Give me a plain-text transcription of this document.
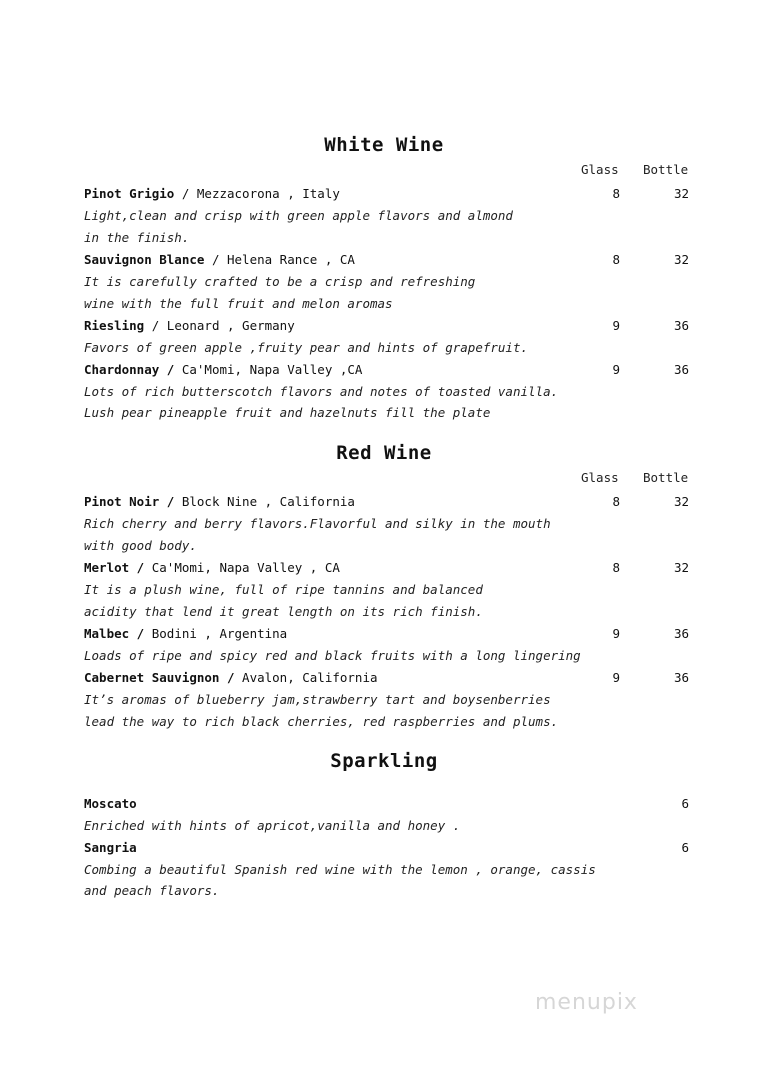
White Wine
Glass Bottle
Pinot Grigio / Mezzacorona , Italy	8	32
Light,clean and crisp with green apple flavors and almond
in the finish.
Sauvignon Blance / Helena Rance , CA	8	32
It is carefully crafted to be a crisp and refreshing
wine with the full fruit and melon aromas
Riesling / Leonard , Germany	9	36
Favors of green apple ,fruity pear and hints of grapefruit.
Chardonnay / Ca'Momi, Napa Valley ,CA	9	36
Lots of rich butterscotch flavors and notes of toasted vanilla.
Lush pear pineapple fruit and hazelnuts fill the plate
Red Wine
Glass Bottle
Pinot Noir / Block Nine , California	8	32
Rich cherry and berry flavors.Flavorful and silky in the mouth
with good body.
Merlot / Ca'Momi, Napa Valley , CA	8	32
It is a plush wine, full of ripe tannins and balanced
acidity that lend it great length on its rich finish.
Malbec / Bodini , Argentina	9	36
Loads of ripe and spicy red and black fruits with a long lingering
Cabernet Sauvignon / Avalon, California	9	36
It’s aromas of blueberry jam,strawberry tart and boysenberries
lead the way to rich black cherries, red raspberries and plums.
Sparkling
Moscato	6
Enriched with hints of apricot,vanilla and honey .
Sangria	6
Combing a beautiful Spanish red wine with the lemon , orange, cassis
and peach flavors.
menupix
